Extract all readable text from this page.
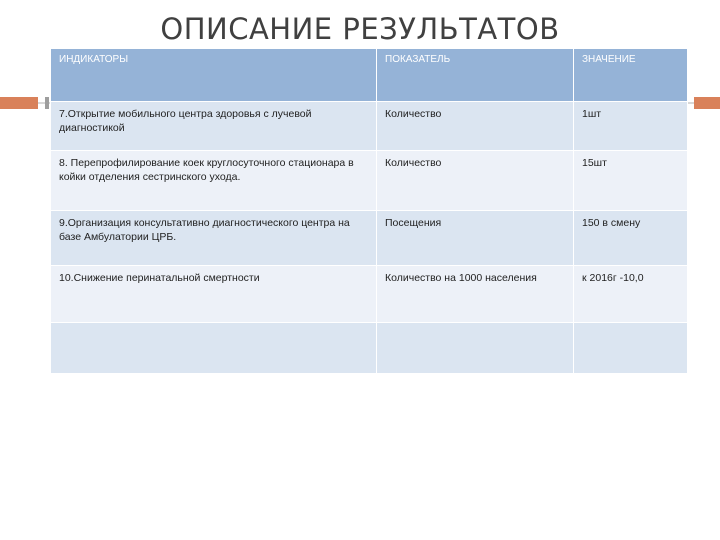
ОПИСАНИЕ РЕЗУЛЬТАТОВ
ИНДИКАТОРЫ	ПОКАЗАТЕЛЬ	ЗНАЧЕНИЕ
7.Открытие мобильного центра здоровья с лучевой диагностикой	Количество	1шт
8. Перепрофилирование коек круглосуточного стационара в койки отделения сестринского ухода.	Количество	15шт
9.Организация консультативно диагностического центра на базе Амбулатории ЦРБ.	Посещения	150 в смену
10.Снижение перинатальной смертности	Количество на 1000 населения	к 2016г -10,0
